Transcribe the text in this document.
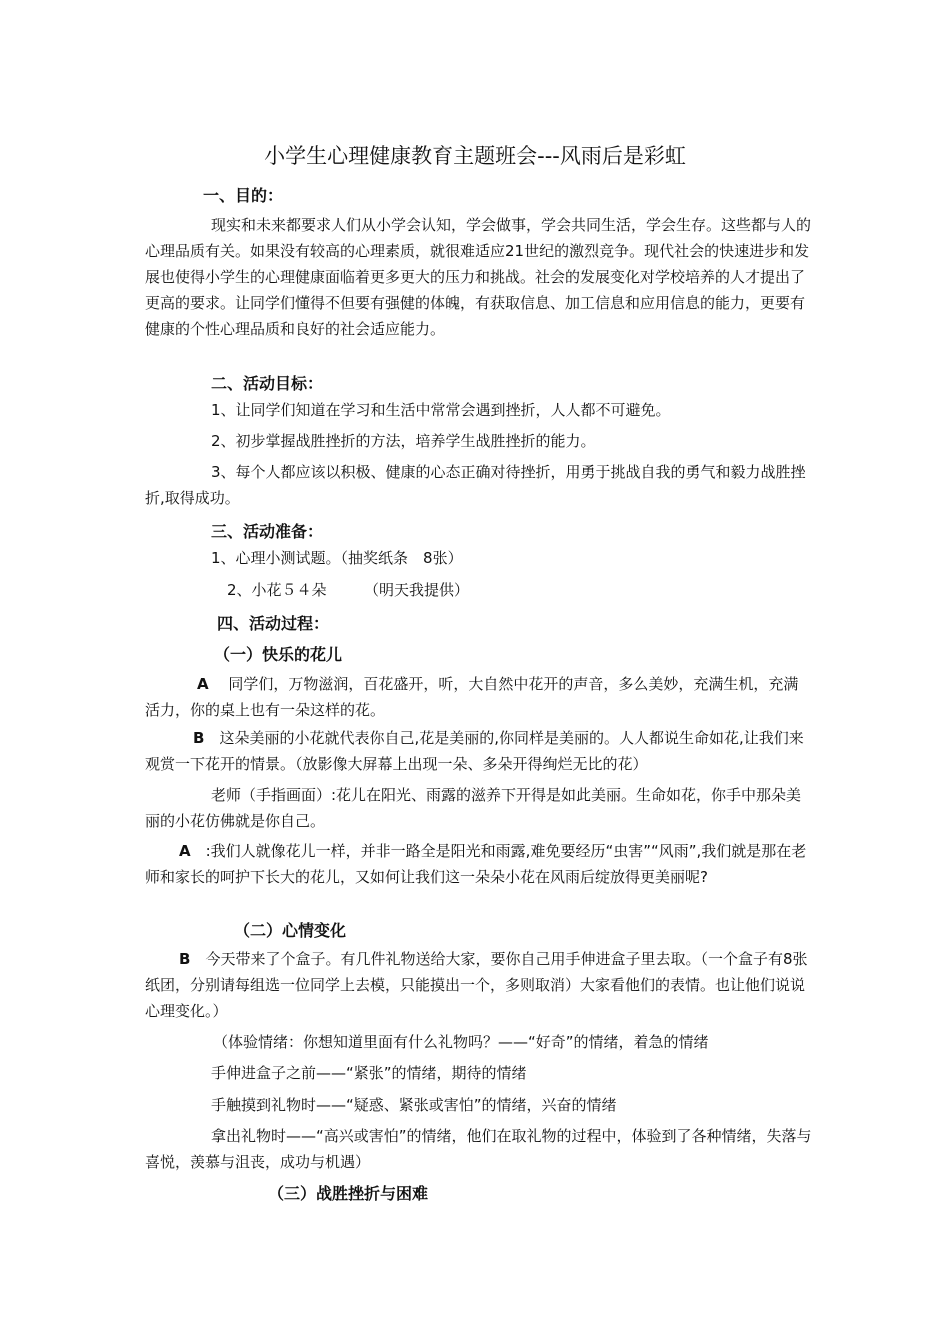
小学生心理健康教育主题班会---风雨后是彩虹
一、目的：

现实和未来都要求人们从小学会认知，学会做事，学会共同生活，学会生存。这些都与人的心理品质有关。如果没有较高的心理素质，就很难适应21世纪的激烈竞争。现代社会的快速进步和发展也使得小学生的心理健康面临着更多更大的压力和挑战。社会的发展变化对学校培养的人才提出了更高的要求。让同学们懂得不但要有强健的体魄，有获取信息、加工信息和应用信息的能力，更要有健康的个性心理品质和良好的社会适应能力。

二、活动目标：
1、让同学们知道在学习和生活中常常会遇到挫折，人人都不可避免。
2、初步掌握战胜挫折的方法，培养学生战胜挫折的能力。

3、每个人都应该以积极、健康的心态正确对待挫折，用勇于挑战自我的勇气和毅力战胜挫折,取得成功。

三、活动准备：
1、心理小测试题。（抽奖纸条　8张）
2、小花５４朵　　　（明天我提供）
四、活动过程：
（一）快乐的花儿

A　 同学们，万物滋润，百花盛开，听，大自然中花开的声音，多么美妙，充满生机，充满活力，你的桌上也有一朵这样的花。

B　 这朵美丽的小花就代表你自己,花是美丽的,你同样是美丽的。人人都说生命如花,让我们来观赏一下花开的情景。（放影像大屏幕上出现一朵、多朵开得绚烂无比的花）

老师（手指画面）:花儿在阳光、雨露的滋养下开得是如此美丽。生命如花，你手中那朵美丽的小花仿佛就是你自己。

A　 :我们人就像花儿一样，并非一路全是阳光和雨露,难免要经历“虫害”“风雨”,我们就是那在老师和家长的呵护下长大的花儿，又如何让我们这一朵朵小花在风雨后绽放得更美丽呢?

（二）心情变化

B　 今天带来了个盒子。有几件礼物送给大家，要你自己用手伸进盒子里去取。（一个盒子有8张纸团，分别请每组选一位同学上去模，只能摸出一个，多则取消）大家看他们的表情。也让他们说说心理变化。）

（体验情绪：你想知道里面有什么礼物吗？——“好奇”的情绪，着急的情绪
手伸进盒子之前——“紧张”的情绪，期待的情绪
手触摸到礼物时——“疑惑、紧张或害怕”的情绪，兴奋的情绪

拿出礼物时——“高兴或害怕”的情绪，他们在取礼物的过程中，体验到了各种情绪，失落与喜悦，羡慕与沮丧，成功与机遇）

（三）战胜挫折与困难
